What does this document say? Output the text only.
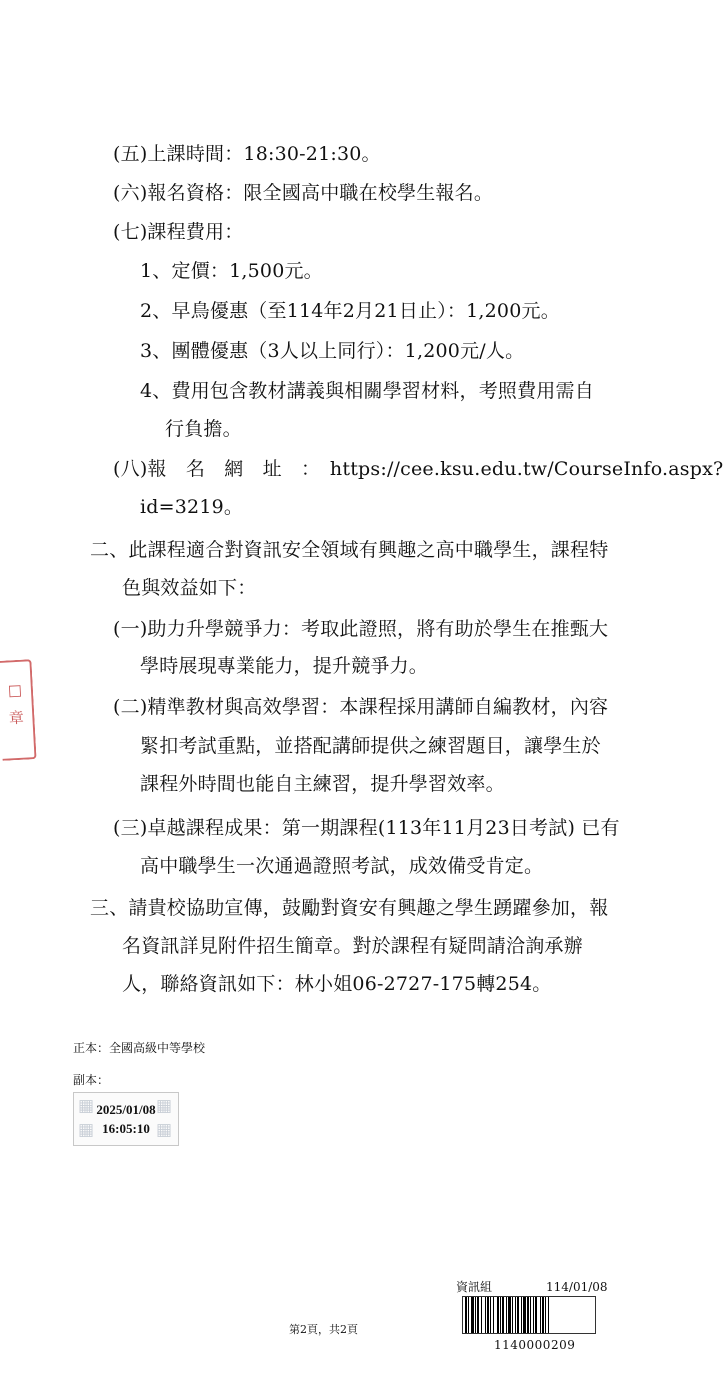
(五)上課時間：18:30-21:30。
(六)報名資格：限全國高中職在校學生報名。
(七)課程費用：
1、定價：1,500元。
2、早鳥優惠（至114年2月21日止）：1,200元。
3、團體優惠（3人以上同行）：1,200元/人。
4、費用包含教材講義與相關學習材料，考照費用需自
行負擔。
(八)報　名　網　址　：　https://cee.ksu.edu.tw/CourseInfo.aspx?
id=3219。
二、此課程適合對資訊安全領域有興趣之高中職學生，課程特
色與效益如下：
(一)助力升學競爭力：考取此證照，將有助於學生在推甄大
學時展現專業能力，提升競爭力。
(二)精準教材與高效學習：本課程採用講師自編教材，內容
緊扣考試重點，並搭配講師提供之練習題目，讓學生於
課程外時間也能自主練習，提升學習效率。
(三)卓越課程成果：第一期課程(113年11月23日考試) 已有
高中職學生一次通過證照考試，成效備受肯定。
三、請貴校協助宣傳，鼓勵對資安有興趣之學生踴躍參加，報
名資訊詳見附件招生簡章。對於課程有疑問請洽詢承辦
人，聯絡資訊如下：林小姐06-2727-175轉254。
□
章
正本：全國高級中等學校
副本：
▦	▦
▦	▦
2025/01/08
16:05:10
第2頁，共2頁
資訊組	114/01/08
1140000209
